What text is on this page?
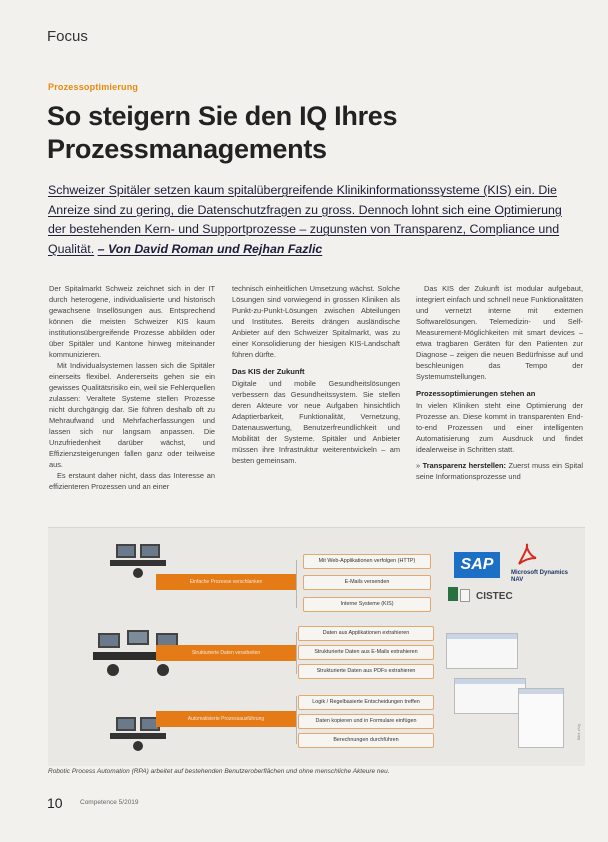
Focus
Prozessoptimierung
So steigern Sie den IQ Ihres Prozessmanagements
Schweizer Spitäler setzen kaum spitalübergreifende Klinikinformationssysteme (KIS) ein. Die Anreize sind zu gering, die Datenschutzfragen zu gross. Dennoch lohnt sich eine Optimierung der bestehenden Kern- und Supportprozesse – zugunsten von Transparenz, Compliance und Qualität. – Von David Roman und Rejhan Fazlic

Der Spitalmarkt Schweiz zeichnet sich in der IT durch heterogene, individualisierte und historisch gewachsene Insellösungen aus. Entsprechend können die meisten Schweizer KIS kaum institutionsübergreifende Prozesse abbilden oder über Spitäler und Kantone hinweg miteinander kommunizieren.

Mit Individualsystemen lassen sich die Spitäler einerseits flexibel. Andererseits gehen sie ein gewisses Qualitätsrisiko ein, weil sie Fehlerquellen zulassen: Veraltete Systeme stellen Prozesse nicht durchgängig dar. Sie führen deshalb oft zu Mehraufwand und Mehrfacherfassungen und lassen sich nur langsam anpassen. Die Unzufriedenheit darüber wächst, und Effizienzsteigerungen fallen ganz oder teilweise aus.

Es erstaunt daher nicht, dass das Interesse an effizienteren Prozessen und an einer

technisch einheitlichen Umsetzung wächst. Solche Lösungen sind vorwiegend in grossen Kliniken als Punkt-zu-Punkt-Lösungen zwischen Abteilungen und Institutes. Bereits drängen ausländische Anbieter auf den Schweizer Spitalmarkt, was zu einer Konsolidierung der hiesigen KIS-Landschaft führen dürfte.

Das KIS der Zukunft

Digitale und mobile Gesundheitslösungen verbessern das Gesundheitssystem. Sie stellen deren Akteure vor neue Aufgaben hinsichtlich Adaptierbarkeit, Funktionalität, Vernetzung, Datenauswertung, Benutzerfreundlichkeit und Mobilität der Systeme. Spitäler und Anbieter müssen ihre Infrastruktur weiterentwickeln – am besten gemeinsam.

Das KIS der Zukunft ist modular aufgebaut, integriert einfach und schnell neue Funktionalitäten und vernetzt interne mit externen Softwarelösungen. Telemedizin- und Self-Measurement-Möglichkeiten mit smart devices – etwa tragbaren Geräten für den Patienten zur Diagnose – zeigen die neuen Bedürfnisse auf und beschleunigen das Tempo der Systemumstellungen.

Prozessoptimierungen stehen an

In vielen Kliniken steht eine Optimierung der Prozesse an. Diese kommt in transparenten End-to-end Prozessen und einer intelligenten Automatisierung zum Ausdruck und findet idealerweise in Schritten statt.

» Transparenz herstellen: Zuerst muss ein Spital seine Informationsprozesse und

Einfache Prozesse verschlanken
Strukturierte Daten verarbeiten
Automatisierte Prozessausführung
Mit Web-Applikationen verfolgen (HTTP)
E-Mails versenden
Interne Systeme (KIS)
Daten aus Applikationen extrahieren
Strukturierte Daten aus E-Mails extrahieren
Strukturierte Daten aus PDFs extrahieren
Logik / Regelbasierte Entscheidungen treffen
Daten kopieren und in Formulare einfügen
Berechnungen durchführen
SAP	Microsoft Dynamics NAV
CISTEC
Bild: zVg
Robotic Process Automation (RPA) arbeitet auf bestehenden Benutzeroberflächen und ohne menschliche Akteure neu.
10	Competence 5/2019
